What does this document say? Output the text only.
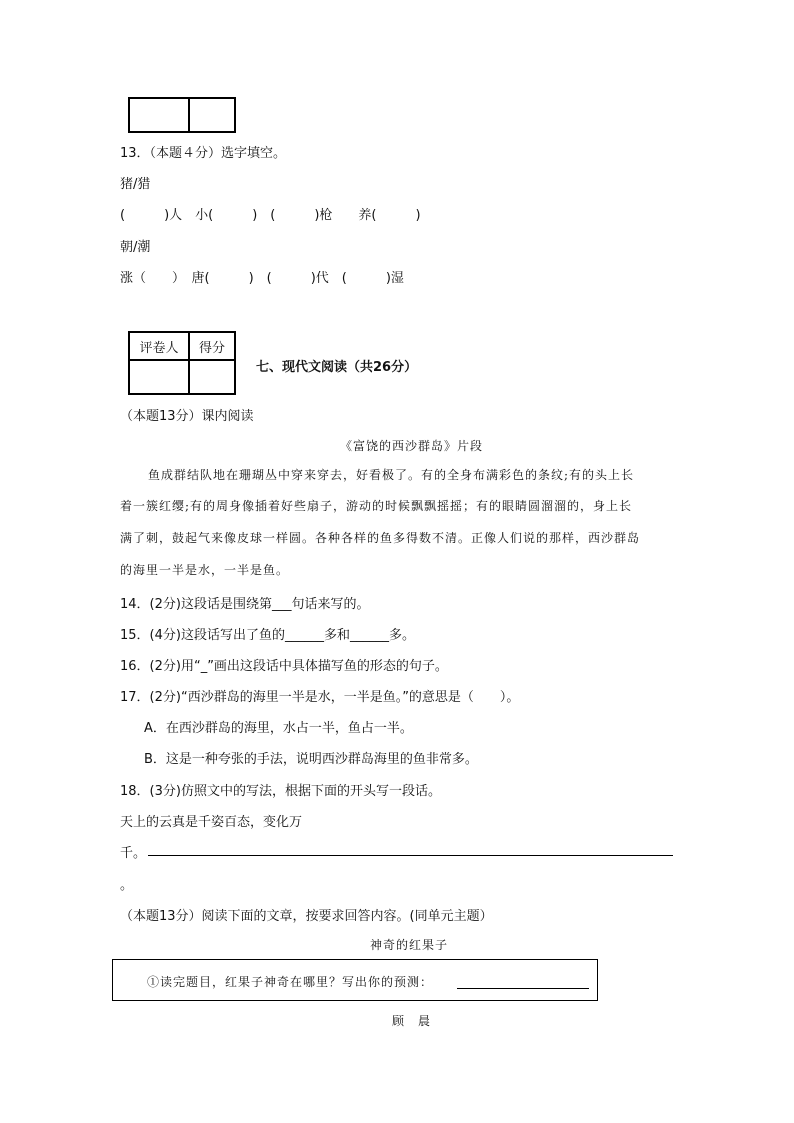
13．（本题４分）选字填空。
猪/猎
(　　　)人　小(　　　)　(　　　)枪　　养(　　　)
朝/潮
涨（　　）　唐(　　　)　(　　　)代　(　　　)湿
评卷人	得分

七、现代文阅读（共26分）
（本题13分）课内阅读
《富饶的西沙群岛》片段
鱼成群结队地在珊瑚丛中穿来穿去，好看极了。有的全身布满彩色的条纹;有的头上长
着一簇红缨;有的周身像插着好些扇子，游动的时候飘飘摇摇；有的眼睛圆溜溜的，身上长
满了刺，鼓起气来像皮球一样圆。各种各样的鱼多得数不清。正像人们说的那样，西沙群岛
的海里一半是水，一半是鱼。
14．(2分)这段话是围绕第___句话来写的。
15．(4分)这段话写出了鱼的______多和______多。
16．(2分)用“_”画出这段话中具体描写鱼的形态的句子。
17．(2分)“西沙群岛的海里一半是水，一半是鱼。”的意思是（　　）。
A．在西沙群岛的海里，水占一半，鱼占一半。
B．这是一种夸张的手法，说明西沙群岛海里的鱼非常多。
18．(3分)仿照文中的写法，根据下面的开头写一段话。
天上的云真是千姿百态，变化万
千。
。
（本题13分）阅读下面的文章，按要求回答内容。(同单元主题）
神奇的红果子
①读完题目，红果子神奇在哪里？写出你的预测：
顾　晨
